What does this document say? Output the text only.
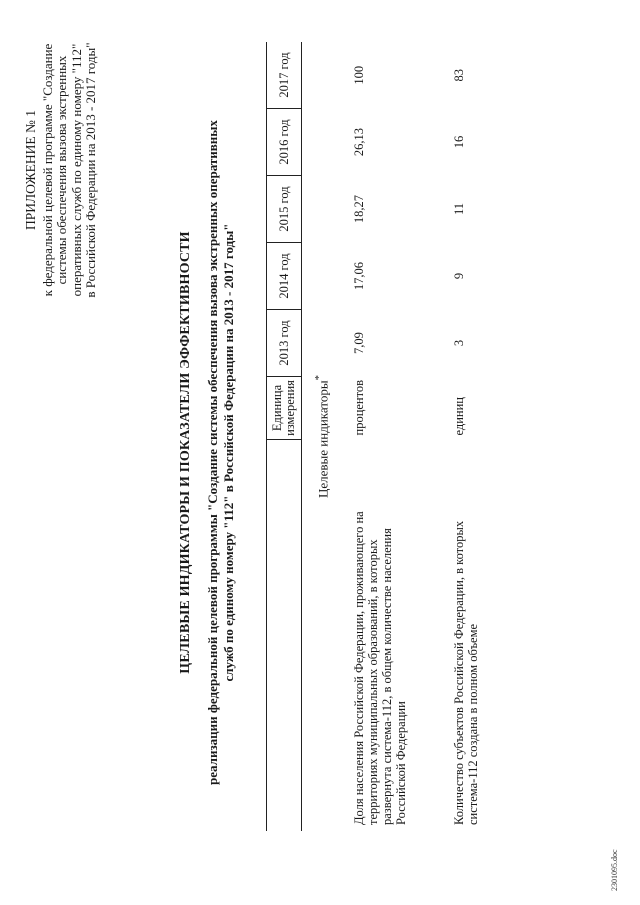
ПРИЛОЖЕНИЕ № 1 к федеральной целевой программе "Создание системы обеспечения вызова экстренных оперативных служб по единому номеру "112" в Российской Федерации на 2013 - 2017 годы"
ЦЕЛЕВЫЕ ИНДИКАТОРЫ И ПОКАЗАТЕЛИ ЭФФЕКТИВНОСТИ реализации федеральной целевой программы "Создание системы обеспечения вызова экстренных оперативных служб по единому номеру "112" в Российской Федерации на 2013 - 2017 годы"

	Единица измерения	2013 год	2014 год	2015 год	2016 год	2017 год
Целевые индикаторы*

Доля населения Российской Федерации, проживающего на территориях муниципальных образований, в которых развернута система-112, в общем количестве населения Российской Федерации	процентов	7,09	17,06	18,27	26,13	100

Количество субъектов Российской Федерации, в которых система-112 создана в полном объеме	единиц	3	9	11	16	83
2301095.doc
